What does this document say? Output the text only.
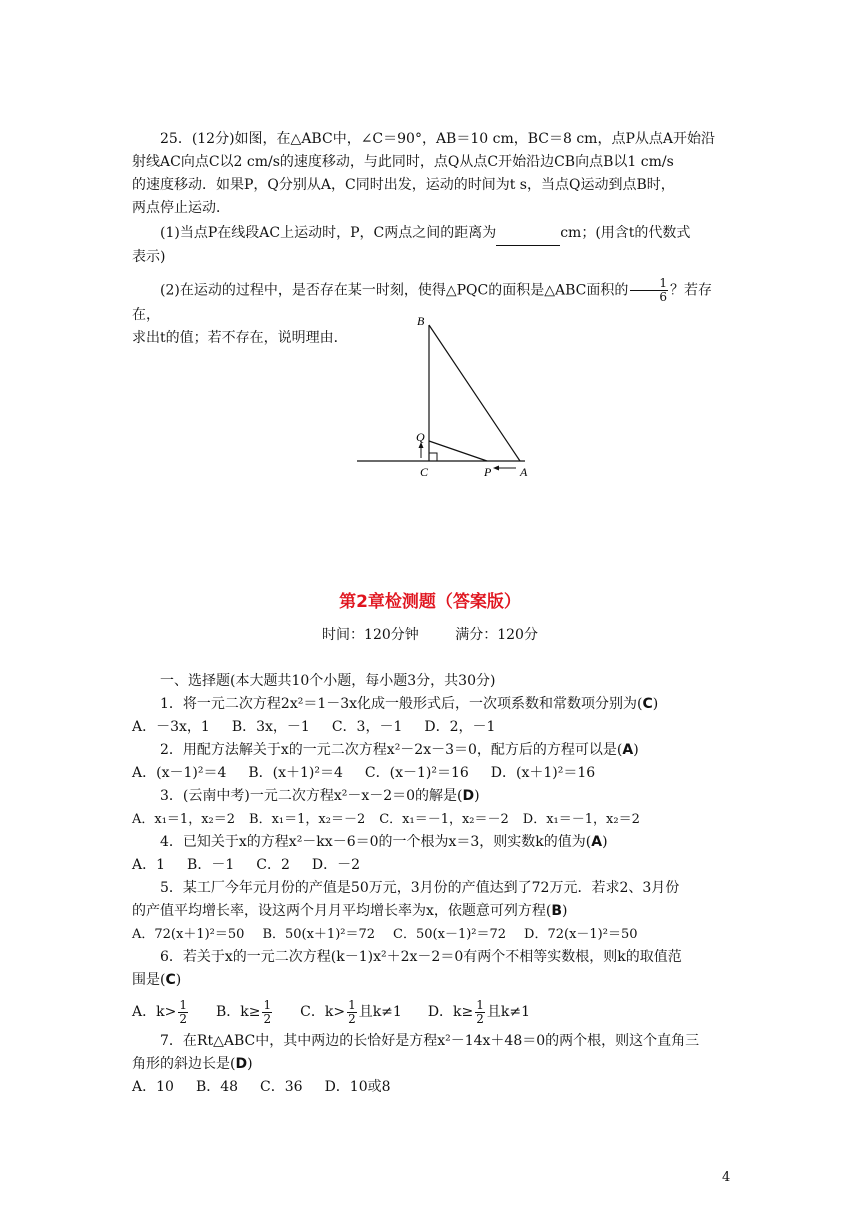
25．(12分)如图，在△ABC中，∠C＝90°，AB＝10 cm，BC＝8 cm，点P从点A开始沿

射线AC向点C以2 cm/s的速度移动，与此同时，点Q从点C开始沿边CB向点B以1 cm/s

的速度移动．如果P，Q分别从A，C同时出发，运动的时间为t s，当点Q运动到点B时，

两点停止运动．

(1)当点P在线段AC上运动时，P，C两点之间的距离为	cm；(用含t的代数式

表示)

(2)在运动的过程中，是否存在某一时刻，使得△PQC的面积是△ABC面积的 $\frac{1}{6}$ ？若存在，

求出t的值；若不存在，说明理由．

B
Q
C	P A
第2章检测题（答案版）
时间：120分钟	满分：120分

一、选择题(本大题共10个小题，每小题3分，共30分)

1．将一元二次方程2x²＝1－3x化成一般形式后，一次项系数和常数项分别为(C)

A．－3x，1 B．3x，－1 C．3，－1 D．2，－1

2．用配方法解关于x的一元二次方程x²－2x－3＝0，配方后的方程可以是(A)

A．(x－1)²＝4 B．(x＋1)²＝4 C．(x－1)²＝16 D．(x＋1)²＝16

3．(云南中考)一元二次方程x²－x－2＝0的解是(D)

A．x₁＝1，x₂＝2 B．x₁＝1，x₂＝－2 C．x₁＝－1，x₂＝－2 D．x₁＝－1，x₂＝2

4．已知关于x的方程x²－kx－6＝0的一个根为x＝3，则实数k的值为(A)

A．1 B．－1 C．2 D．－2

5．某工厂今年元月份的产值是50万元，3月份的产值达到了72万元．若求2、3月份

的产值平均增长率，设这两个月月平均增长率为x，依题意可列方程(B)

A．72(x＋1)²＝50 B．50(x＋1)²＝72 C．50(x－1)²＝72 D．72(x－1)²＝50

6．若关于x的一元二次方程(k－1)x²＋2x－2＝0有两个不相等实数根，则k的取值范

围是(C)

A．$k> \frac{1}{2}$ B．$k\ge \frac{1}{2}$ C．$k> \frac{1}{2}$ 且k≠1 D．$k\ge \frac{1}{2}$ 且k≠1

7．在Rt△ABC中，其中两边的长恰好是方程x²－14x＋48＝0的两个根，则这个直角三

角形的斜边长是(D)

A．10 B．48 C．36 D．10或8

4
